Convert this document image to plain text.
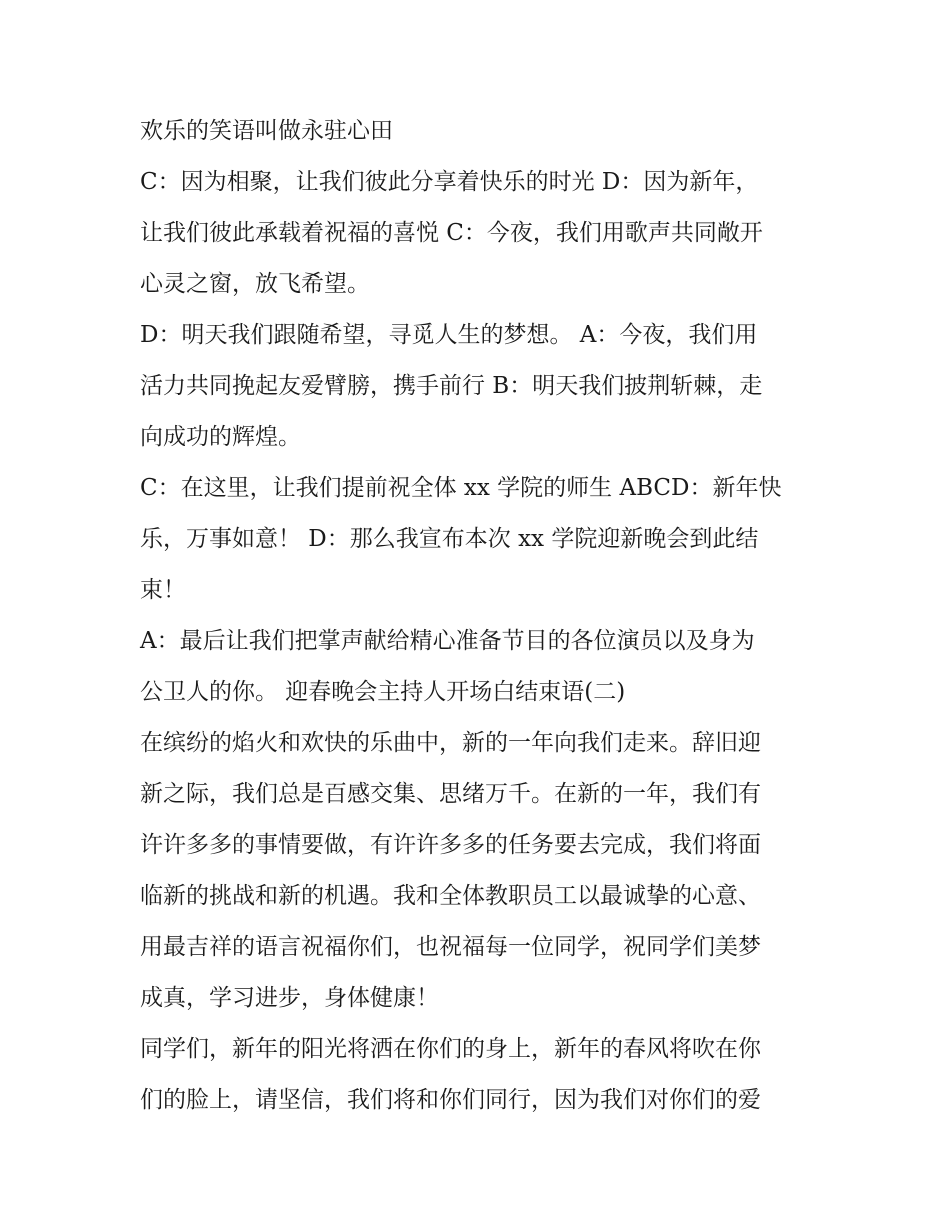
欢乐的笑语叫做永驻心田

C：因为相聚，让我们彼此分享着快乐的时光 D：因为新年，
让我们彼此承载着祝福的喜悦 C：今夜，我们用歌声共同敞开
心灵之窗，放飞希望。

D：明天我们跟随希望，寻觅人生的梦想。 A：今夜，我们用
活力共同挽起友爱臂膀，携手前行 B：明天我们披荆斩棘，走
向成功的辉煌。

C：在这里，让我们提前祝全体 xx 学院的师生 ABCD：新年快
乐，万事如意！ D：那么我宣布本次 xx 学院迎新晚会到此结
束！

A：最后让我们把掌声献给精心准备节目的各位演员以及身为
公卫人的你。 迎春晚会主持人开场白结束语(二)

在缤纷的焰火和欢快的乐曲中，新的一年向我们走来。辞旧迎
新之际，我们总是百感交集、思绪万千。在新的一年，我们有
许许多多的事情要做，有许许多多的任务要去完成，我们将面
临新的挑战和新的机遇。我和全体教职员工以最诚挚的心意、
用最吉祥的语言祝福你们，也祝福每一位同学，祝同学们美梦
成真，学习进步，身体健康！

同学们，新年的阳光将洒在你们的身上，新年的春风将吹在你
们的脸上，请坚信，我们将和你们同行，因为我们对你们的爱
